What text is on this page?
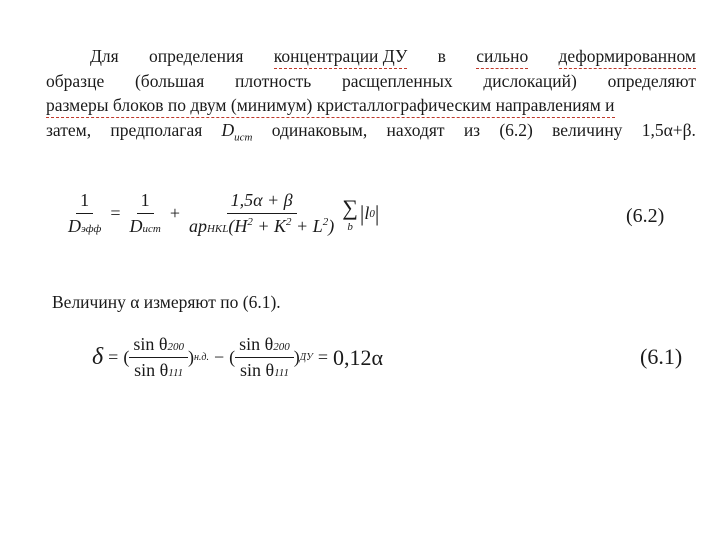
Для определения концентрации ДУ в сильно деформированном
образце (большая плотность расщепленных дислокаций) определяют
размеры блоков по двум (минимум) кристаллографическим направлениям и
затем, предполагая $D_{ист}$ одинаковым, находят из (6.2) величину 1,5α+β.
$\frac{1}{\text{Dэфф}} = \frac{1}{\text{Dист}} + \frac{1,5\alpha + \beta}{apHKL(H^2 + K^2 + L^2)}$ ∑
b
| l 0 |	(6.2)
Величину α измеряют по (6.1).
δ = ( $\frac{\text{sin θ200}}{\text{sin θ111}}$ ) н.д. − ( $\frac{\text{sin θ200}}{\text{sin θ111}}$ ) ДУ = 0,12α	(6.1)
